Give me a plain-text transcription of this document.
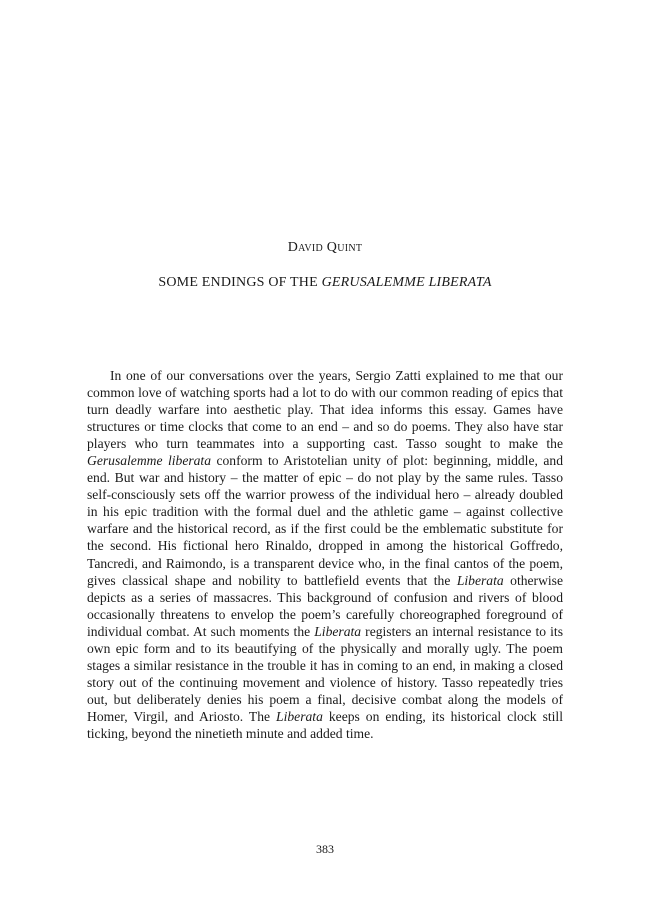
David Quint
SOME ENDINGS OF THE GERUSALEMME LIBERATA

In one of our conversations over the years, Sergio Zatti explained to me that our common love of watching sports had a lot to do with our common reading of epics that turn deadly warfare into aesthetic play. That idea informs this essay. Games have structures or time clocks that come to an end – and so do poems. They also have star players who turn teammates into a supporting cast. Tasso sought to make the Gerusalemme liberata conform to Aristotelian unity of plot: beginning, middle, and end. But war and history – the matter of epic – do not play by the same rules. Tasso self-consciously sets off the warrior prowess of the individual hero – already doubled in his epic tradition with the formal duel and the athletic game – against collective warfare and the historical record, as if the first could be the emblematic substitute for the second. His fictional hero Rinaldo, dropped in among the historical Goffredo, Tancredi, and Raimondo, is a transparent device who, in the final cantos of the poem, gives classical shape and nobility to battlefield events that the Liberata otherwise depicts as a series of massacres. This background of confusion and rivers of blood occasionally threatens to envelop the poem’s carefully choreographed foreground of individual combat. At such moments the Liberata registers an internal resistance to its own epic form and to its beautifying of the physically and morally ugly. The poem stages a similar resistance in the trouble it has in coming to an end, in making a closed story out of the continuing movement and violence of history. Tasso repeatedly tries out, but deliberately denies his poem a final, decisive combat along the models of Homer, Virgil, and Ariosto. The Liberata keeps on ending, its historical clock still ticking, beyond the ninetieth minute and added time.

383
